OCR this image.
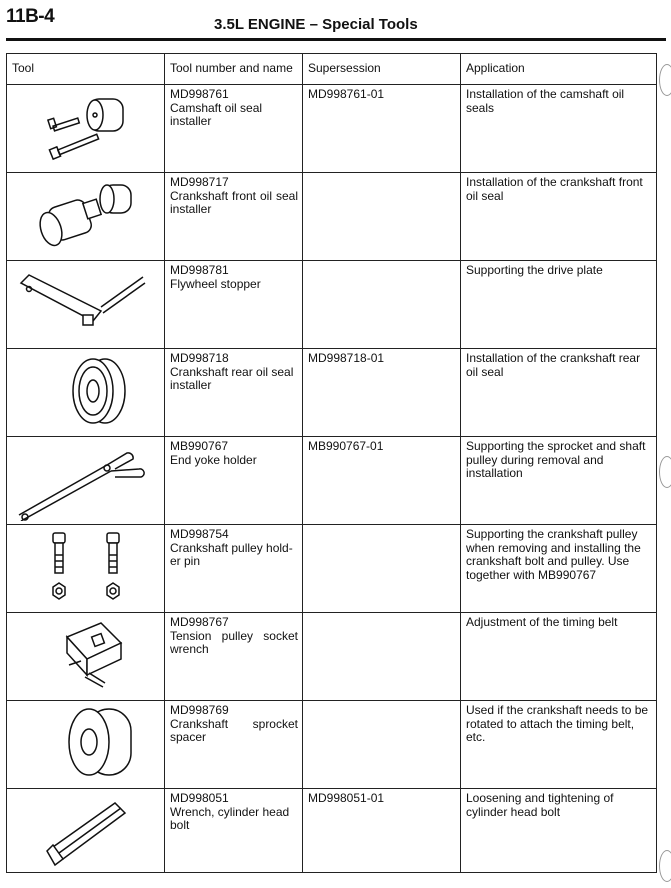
11B-4	3.5L ENGINE – Special Tools
Tool	Tool number and name	Supersession	Application

MD998761
Camshaft oil seal installer	MD998761-01	Installation of the camshaft oil seals

MD998717
Crankshaft front oil seal installer		Installation of the crankshaft front oil seal

MD998781
Flywheel stopper		Supporting the drive plate

MD998718
Crankshaft rear oil seal installer	MD998718-01	Installation of the crankshaft rear oil seal

MB990767
End yoke holder	MB990767-01	Supporting the sprocket and shaft pulley during removal and installation

MD998754
Crankshaft pulley hold-er pin		Supporting the crankshaft pulley when removing and installing the crankshaft bolt and pulley. Use together with MB990767

MD998767
Tension pulley socket wrench		Adjustment of the timing belt

MD998769
Crankshaft sprocket spacer		Used if the crankshaft needs to be rotated to attach the timing belt, etc.

MD998051
Wrench, cylinder head bolt	MD998051-01	Loosening and tightening of cylinder head bolt
